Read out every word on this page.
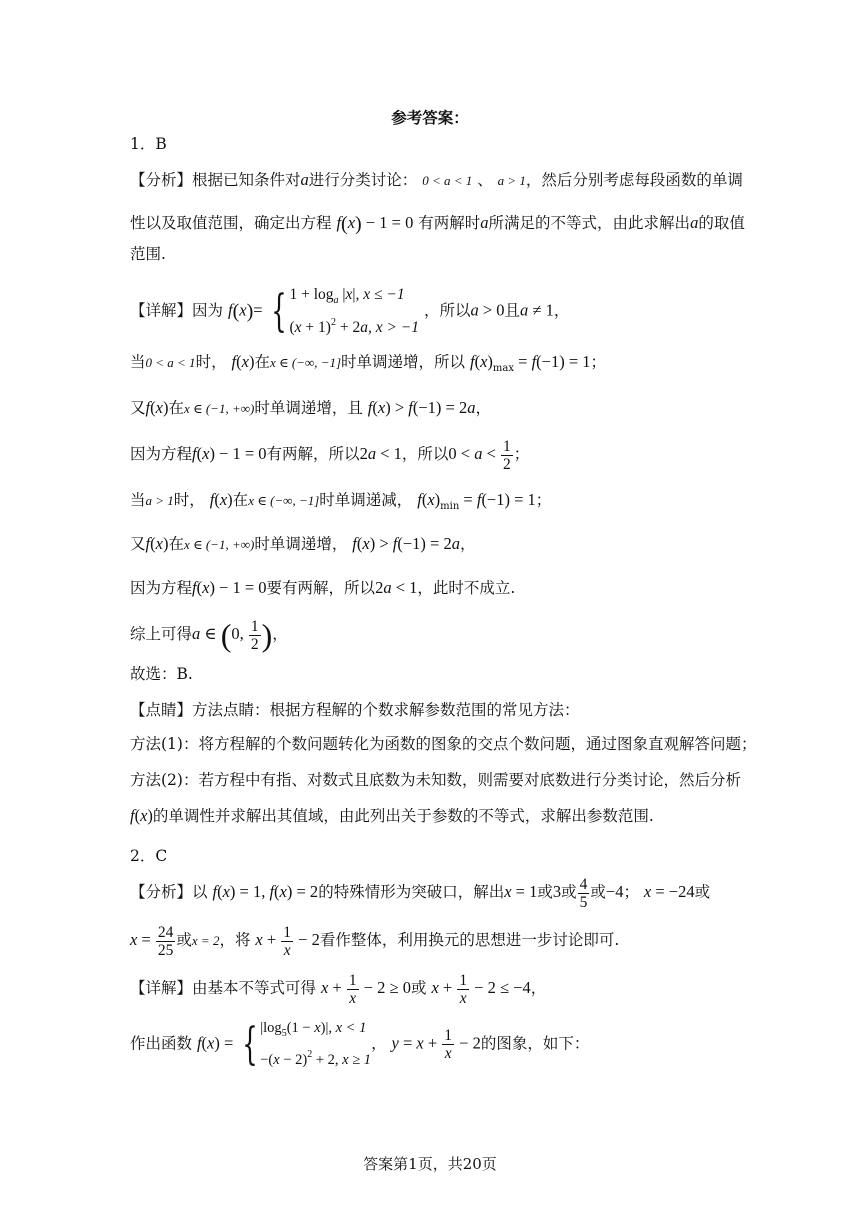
参考答案：
1．B
【分析】根据已知条件对a进行分类讨论： 0 < a < 1 、 a > 1，然后分别考虑每段函数的单调
性以及取值范围，确定出方程 f(x) − 1 = 0 有两解时a所满足的不等式，由此求解出a的取值
范围.
【详解】因为 f(x)= { $1 + \log_a |x|$, x ≤ −1
$(x + 1)^2 + 2a$, x > −1
，所以a > 0且a ≠ 1，
当0 < a < 1时， f(x)在x ∈ (−∞, −1]时单调递增，所以 $f(x)_{max} = f(-1) = 1$；
又f(x)在x ∈ (−1, +∞)时单调递增，且 f(x) > f(−1) = 2a，
因为方程f(x) − 1 = 0有两解，所以2a < 1，所以$0 < a < \frac{1}{2}$ ；
当a > 1时， f(x)在x ∈ (−∞, −1]时单调递减， $f(x)_{min} = f(-1) = 1$；
又f(x)在x ∈ (−1, +∞)时单调递增， f(x) > f(−1) = 2a，
因为方程f(x) − 1 = 0要有两解，所以2a < 1，此时不成立.
综上可得a ∈ (0, $\frac{1}{2}$ )，
故选：B.
【点睛】方法点睛：根据方程解的个数求解参数范围的常见方法：
方法(1)：将方程解的个数问题转化为函数的图象的交点个数问题，通过图象直观解答问题；
方法(2)：若方程中有指、对数式且底数为未知数，则需要对底数进行分类讨论，然后分析
f(x)的单调性并求解出其值域，由此列出关于参数的不等式，求解出参数范围.
2．C
【分析】以 f(x) = 1, f(x) = 2的特殊情形为突破口，解出x = 1或3或 $\frac{4}{5}$ 或−4； x = −24或
$x = \frac{24}{25}$ 或x = 2，将 $x + \frac{1}{x} - 2$看作整体，利用换元的思想进一步讨论即可.
【详解】由基本不等式可得 $x + \frac{1}{x} - 2 \ge 0$或 $x + \frac{1}{x} - 2 \le -4$，
作出函数 f(x) = { $|\log_5(1 - x)|$, x < 1
$-(x - 2)^2 + 2$, x ≥ 1
， $y = x + \frac{1}{x} - 2$的图象，如下：
答案第1页，共20页
